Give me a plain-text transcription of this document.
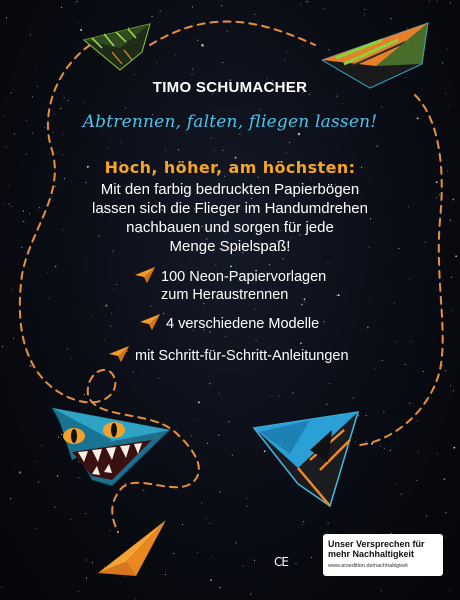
TIMO SCHUMACHER
Abtrennen, falten, fliegen lassen!
Hoch, höher, am höchsten:
Mit den farbig bedruckten Papierbögen
lassen sich die Flieger im Handumdrehen
nachbauen und sorgen für jede
Menge Spielspaß!
100 Neon-Papiervorlagen
zum Heraustrennen
4 verschiedene Modelle
mit Schritt-für-Schritt-Anleitungen
CE
Unser Versprechen für
mehr Nachhaltigkeit
www.arsedition.de/nachhaltigkeit
